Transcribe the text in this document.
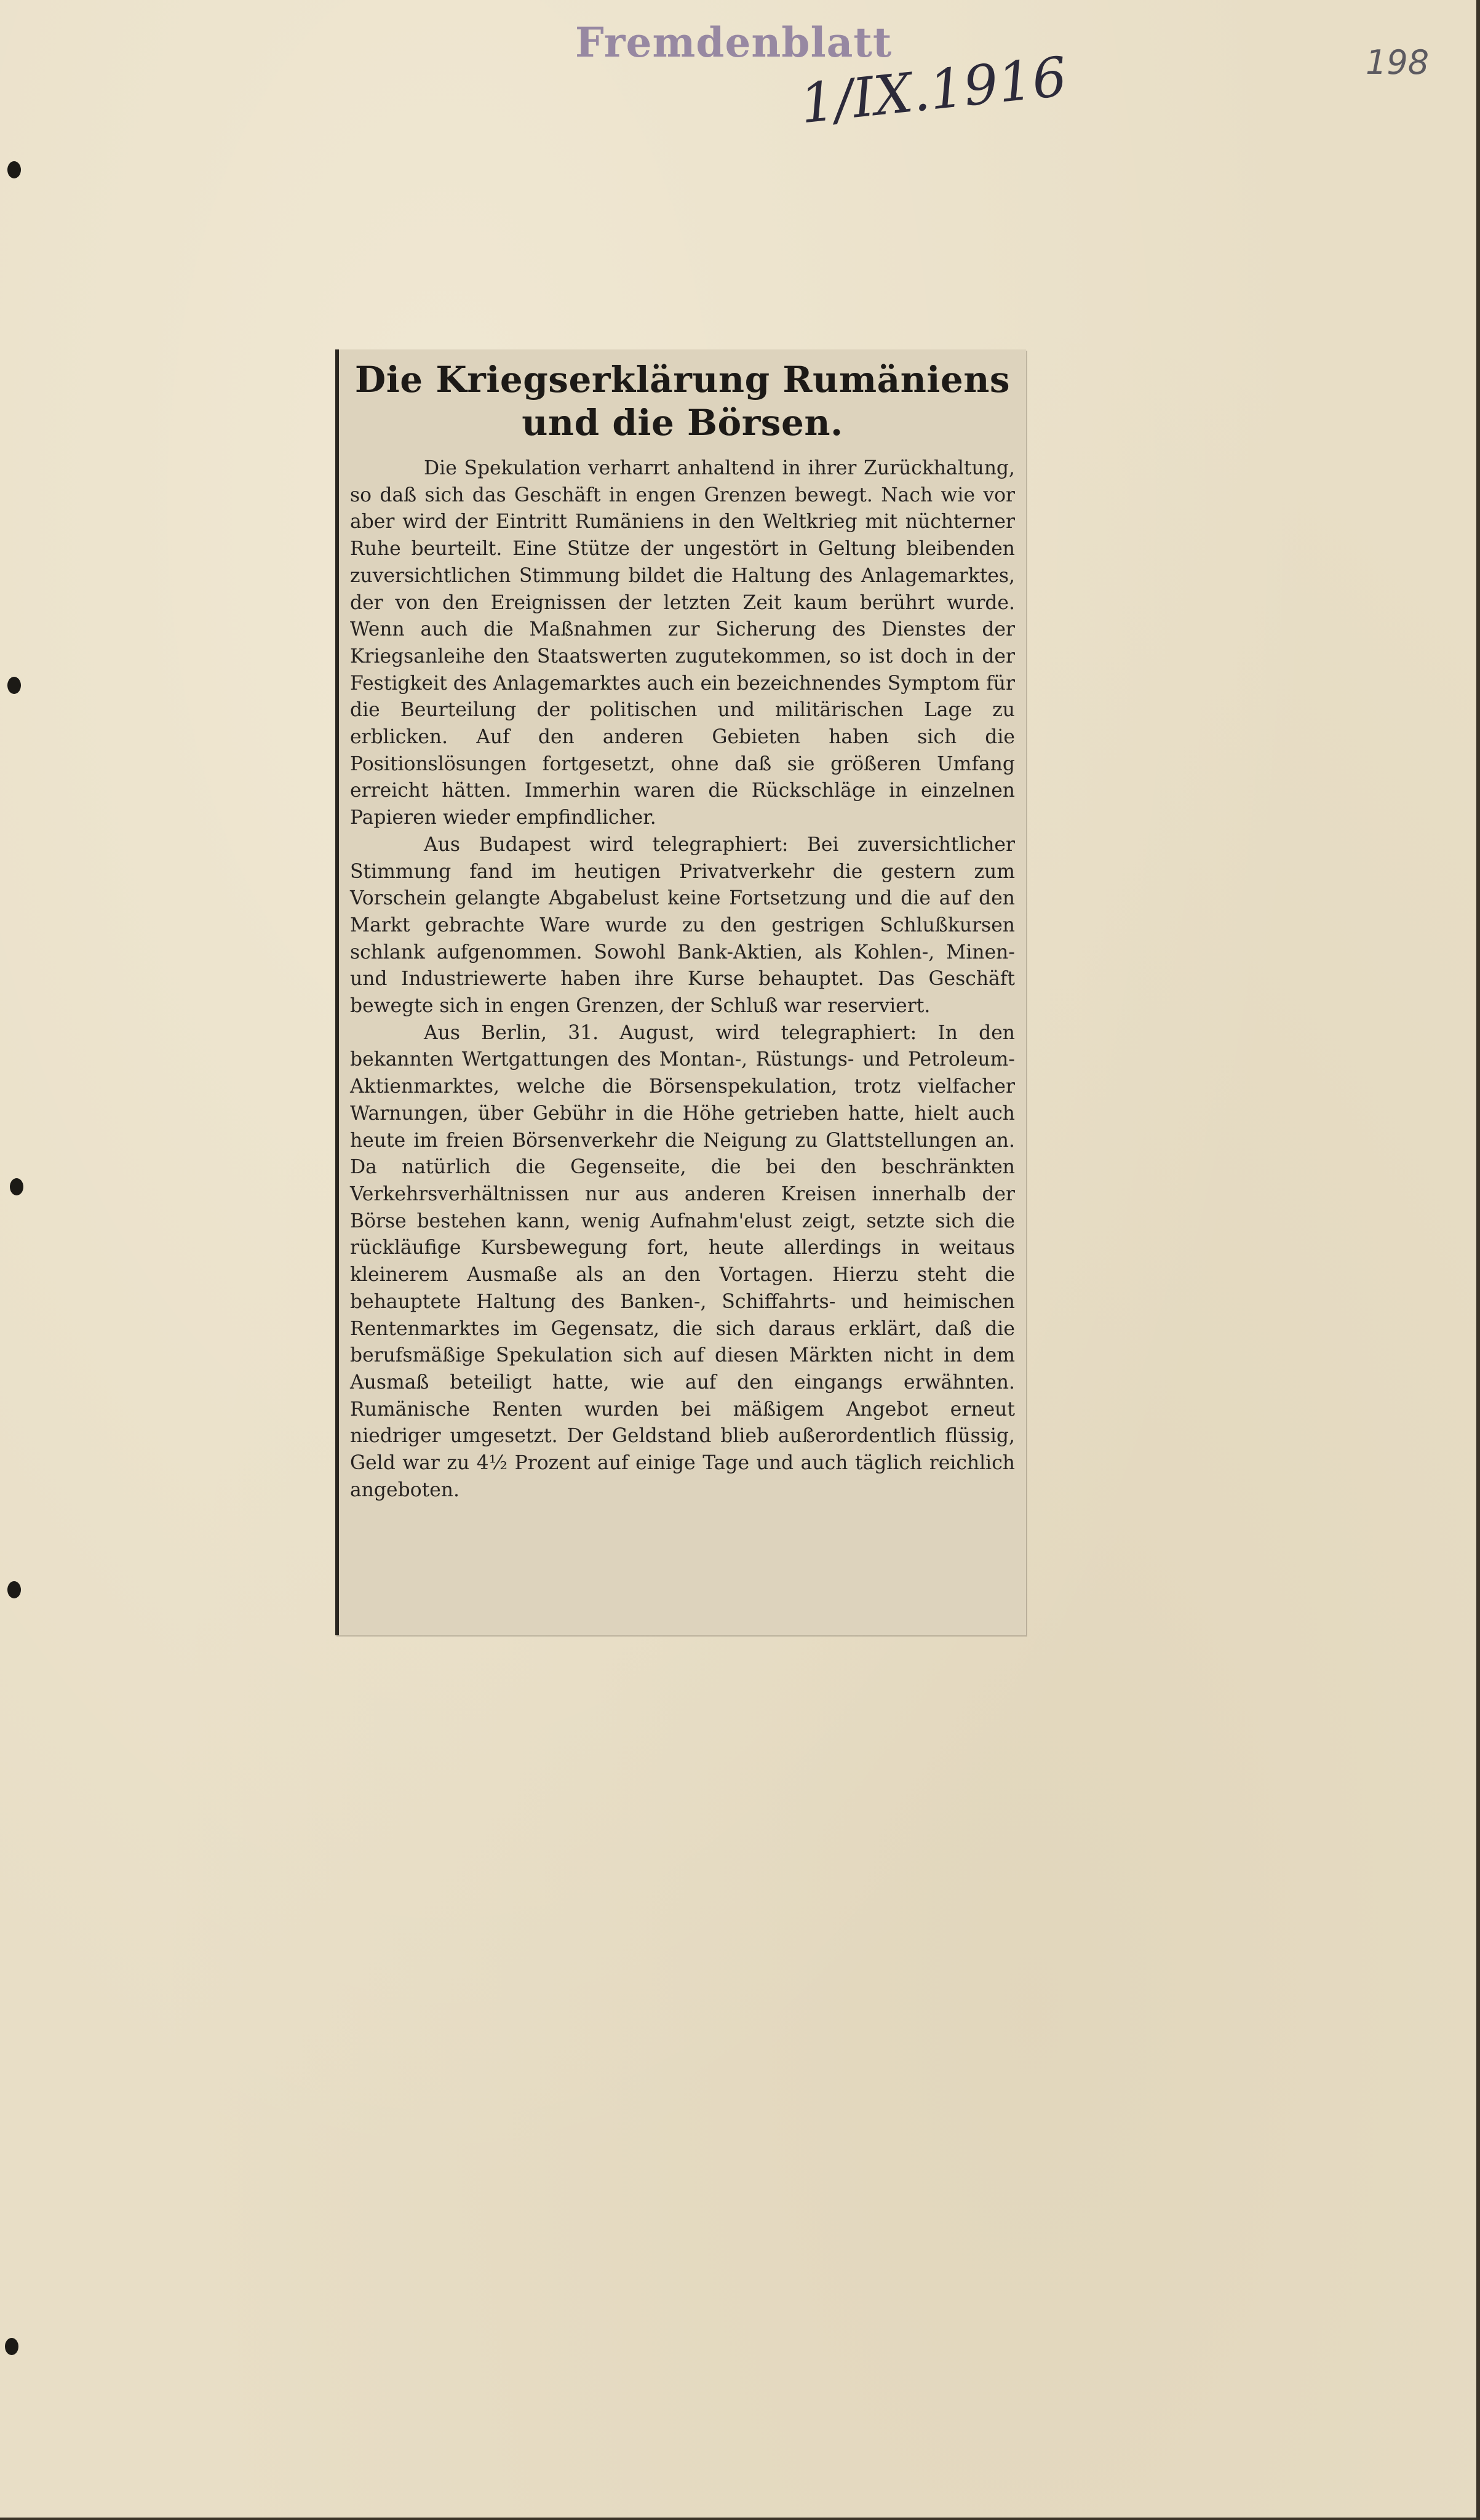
Fremdenblatt
1/IX.1916	198
Die Kriegserklärung Rumäniens und die Börsen.

Die Spekulation verharrt anhaltend in ihrer Zurückhaltung, so daß sich das Geschäft in engen Grenzen bewegt. Nach wie vor aber wird der Eintritt Rumäniens in den Weltkrieg mit nüchterner Ruhe beurteilt. Eine Stütze der ungestört in Geltung bleibenden zuversichtlichen Stimmung bildet die Haltung des Anlagemarktes, der von den Ereignissen der letzten Zeit kaum berührt wurde. Wenn auch die Maßnahmen zur Sicherung des Dienstes der Kriegsanleihe den Staatswerten zugutekommen, so ist doch in der Festigkeit des Anlagemarktes auch ein bezeichnendes Symptom für die Beurteilung der politischen und militärischen Lage zu erblicken. Auf den anderen Gebieten haben sich die Positionslösungen fortgesetzt, ohne daß sie größeren Umfang erreicht hätten. Immerhin waren die Rückschläge in einzelnen Papieren wieder empfindlicher.

Aus Budapest wird telegraphiert: Bei zuversichtlicher Stimmung fand im heutigen Privatverkehr die gestern zum Vorschein gelangte Abgabelust keine Fortsetzung und die auf den Markt gebrachte Ware wurde zu den gestrigen Schlußkursen schlank aufgenommen. Sowohl Bank-Aktien, als Kohlen-, Minen- und Industriewerte haben ihre Kurse behauptet. Das Geschäft bewegte sich in engen Grenzen, der Schluß war reserviert.

Aus Berlin, 31. August, wird telegraphiert: In den bekannten Wertgattungen des Montan-, Rüstungs- und Petroleum-Aktienmarktes, welche die Börsenspekulation, trotz vielfacher Warnungen, über Gebühr in die Höhe getrieben hatte, hielt auch heute im freien Börsenverkehr die Neigung zu Glattstellungen an. Da natürlich die Gegenseite, die bei den beschränkten Verkehrsverhältnissen nur aus anderen Kreisen innerhalb der Börse bestehen kann, wenig Aufnahm'elust zeigt, setzte sich die rückläufige Kursbewegung fort, heute allerdings in weitaus kleinerem Ausmaße als an den Vortagen. Hierzu steht die behauptete Haltung des Banken-, Schiffahrts- und heimischen Rentenmarktes im Gegensatz, die sich daraus erklärt, daß die berufsmäßige Spekulation sich auf diesen Märkten nicht in dem Ausmaß beteiligt hatte, wie auf den eingangs erwähnten. Rumänische Renten wurden bei mäßigem Angebot erneut niedriger umgesetzt. Der Geldstand blieb außerordentlich flüssig, Geld war zu 4½ Prozent auf einige Tage und auch täglich reichlich angeboten.
